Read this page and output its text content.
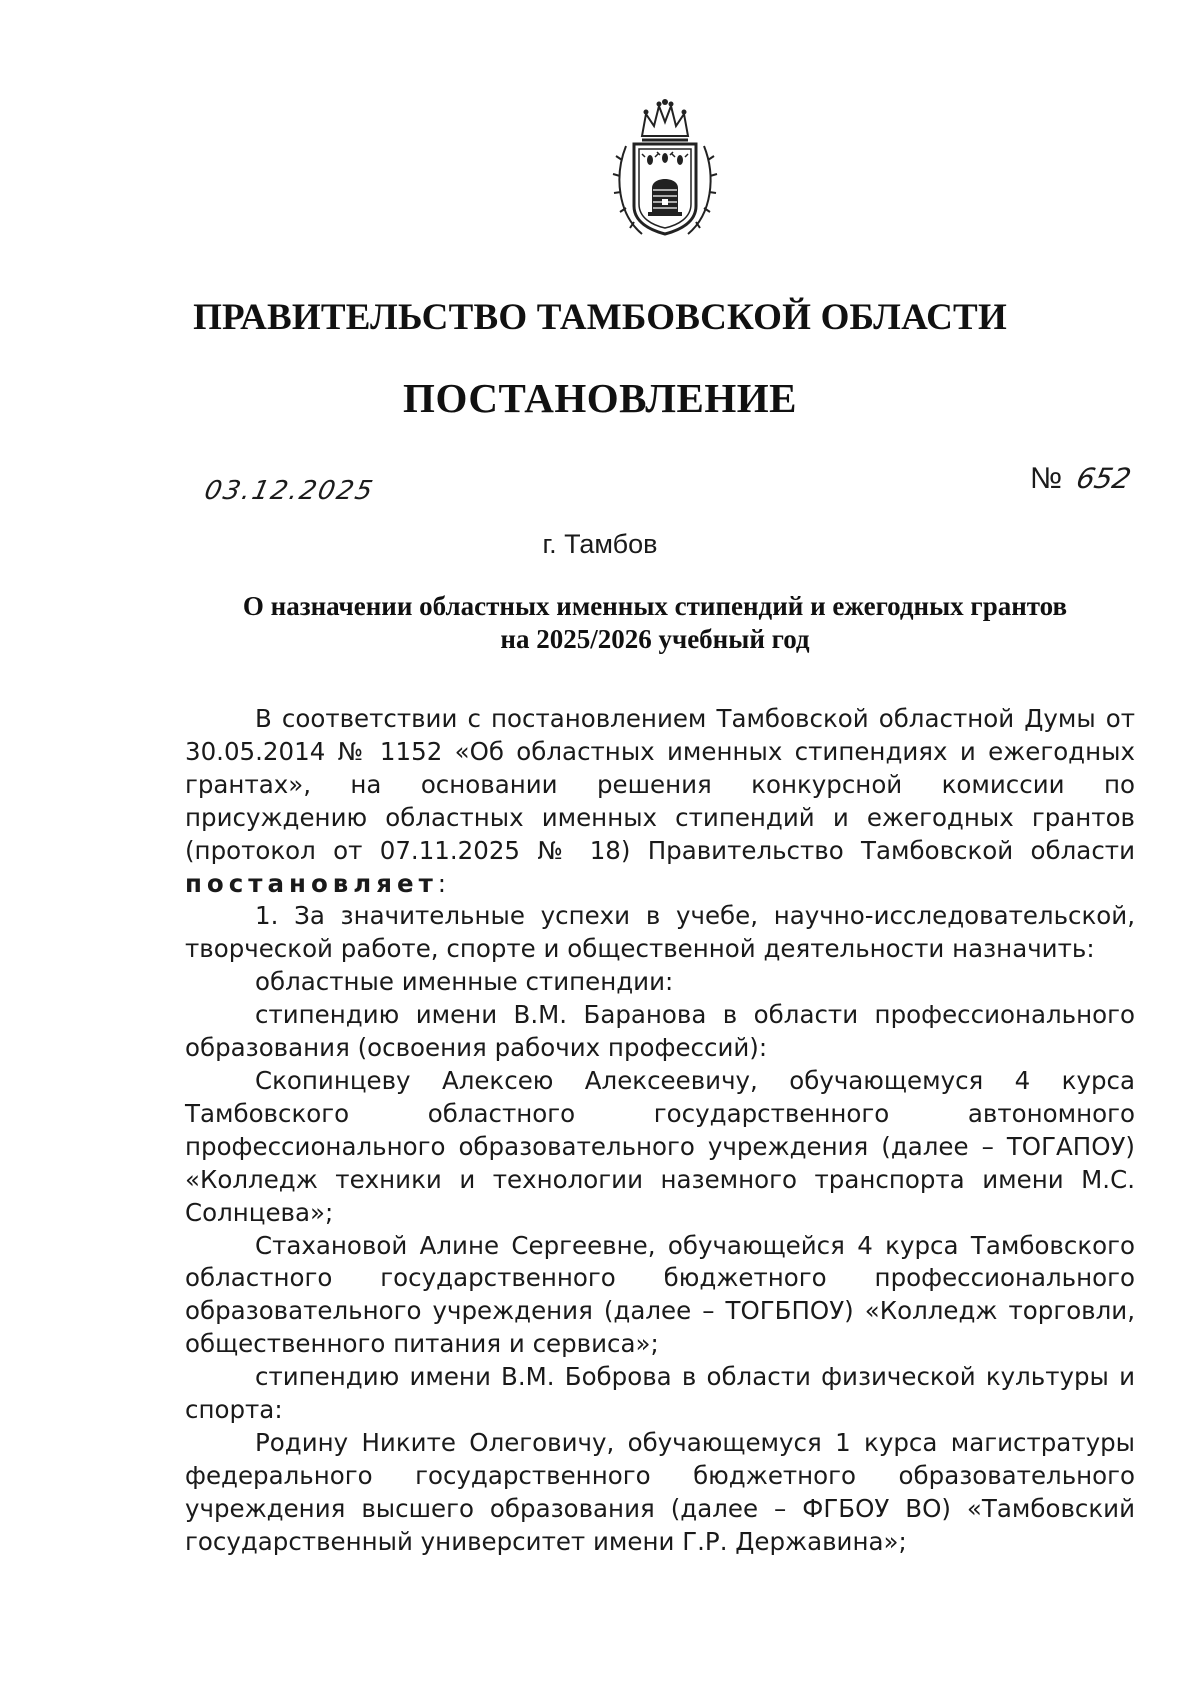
ПРАВИТЕЛЬСТВО ТАМБОВСКОЙ ОБЛАСТИ
ПОСТАНОВЛЕНИЕ
03.12.2025	№ 652
г. Тамбов
О назначении областных именных стипендий и ежегодных грантов
на 2025/2026 учебный год

В соответствии с постановлением Тамбовской областной Думы от 30.05.2014 № 1152 «Об областных именных стипендиях и ежегодных грантах», на основании решения конкурсной комиссии по присуждению областных именных стипендий и ежегодных грантов (протокол от 07.11.2025 № 18) Правительство Тамбовской области постановляет:

1. За значительные успехи в учебе, научно-исследовательской, творческой работе, спорте и общественной деятельности назначить:

областные именные стипендии:

стипендию имени В.М. Баранова в области профессионального образования (освоения рабочих профессий):

Скопинцеву Алексею Алексеевичу, обучающемуся 4 курса Тамбовского областного государственного автономного профессионального образовательного учреждения (далее – ТОГАПОУ) «Колледж техники и технологии наземного транспорта имени М.С. Солнцева»;

Стахановой Алине Сергеевне, обучающейся 4 курса Тамбовского областного государственного бюджетного профессионального образовательного учреждения (далее – ТОГБПОУ) «Колледж торговли, общественного питания и сервиса»;

стипендию имени В.М. Боброва в области физической культуры и спорта:

Родину Никите Олеговичу, обучающемуся 1 курса магистратуры федерального государственного бюджетного образовательного учреждения высшего образования (далее – ФГБОУ ВО) «Тамбовский государственный университет имени Г.Р. Державина»;
